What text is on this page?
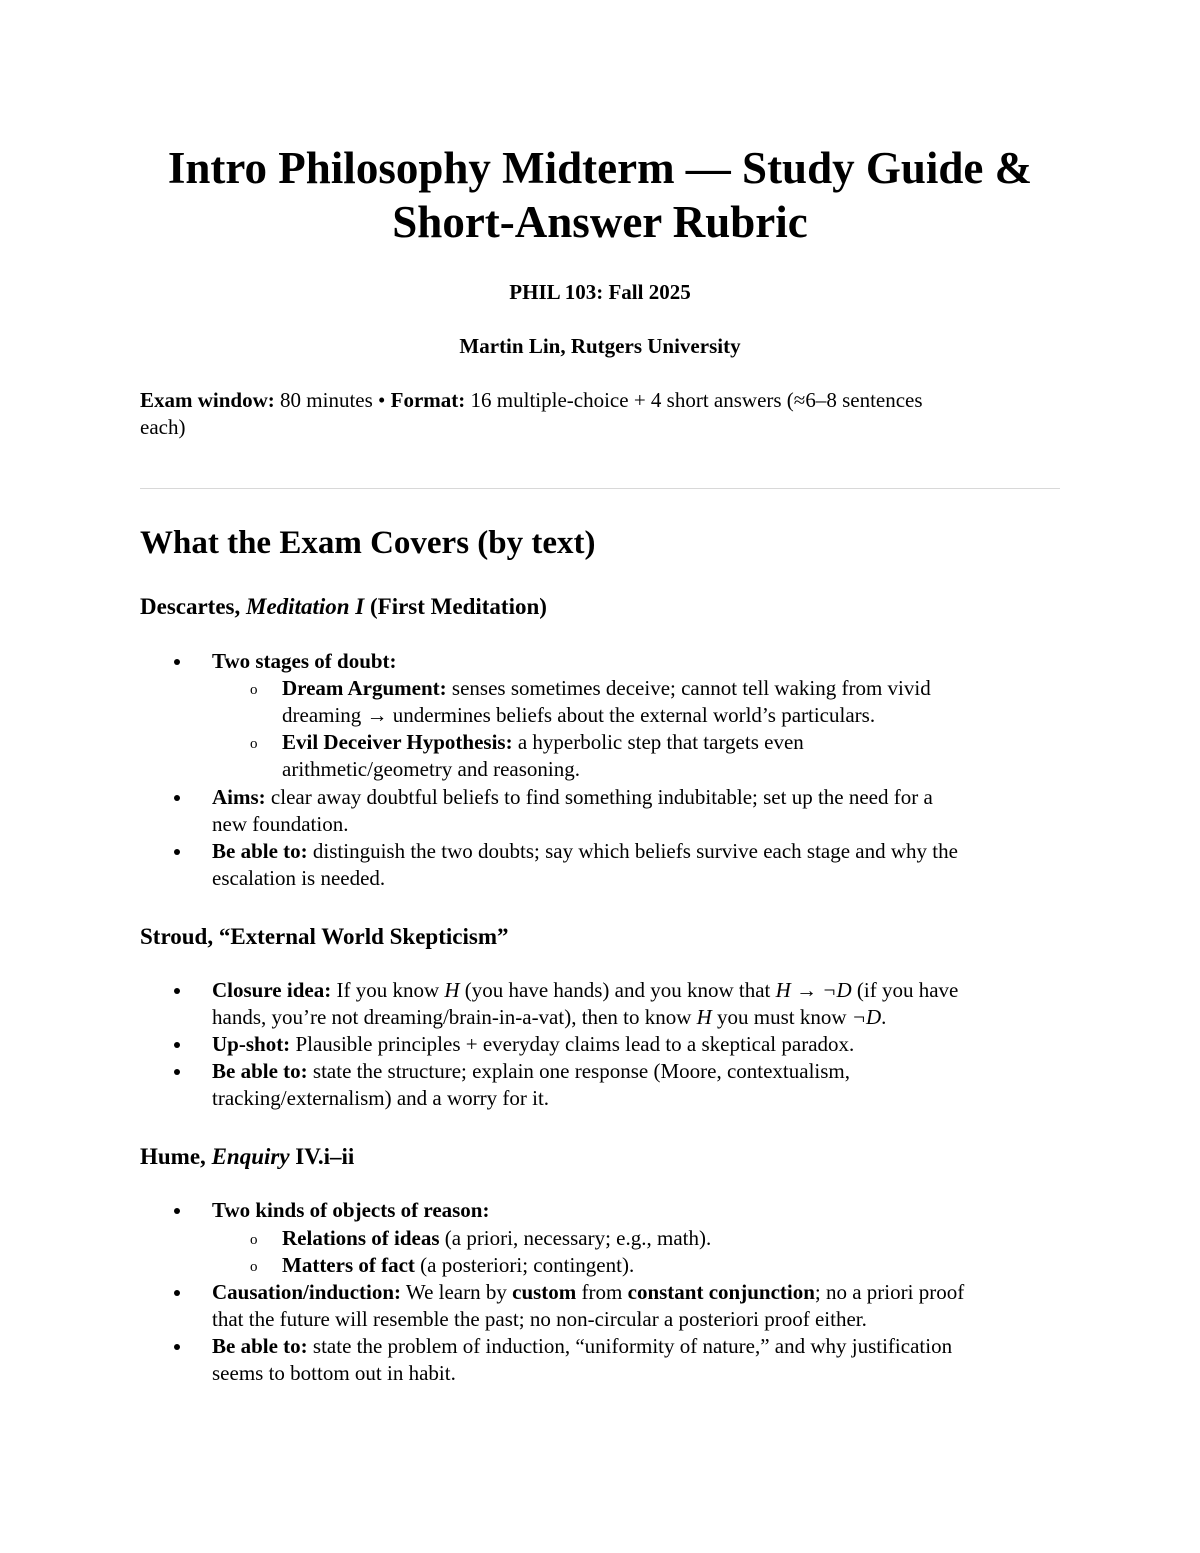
Intro Philosophy Midterm — Study Guide &
Short-Answer Rubric
PHIL 103: Fall 2025
Martin Lin, Rutgers University
Exam window: 80 minutes • Format: 16 multiple-choice + 4 short answers (≈6–8 sentences
each)
What the Exam Covers (by text)
Descartes, Meditation I (First Meditation)
Two stages of doubt:
o Dream Argument: senses sometimes deceive; cannot tell waking from vivid
dreaming → undermines beliefs about the external world’s particulars.
o Evil Deceiver Hypothesis: a hyperbolic step that targets even
arithmetic/geometry and reasoning.
Aims: clear away doubtful beliefs to find something indubitable; set up the need for a
new foundation.
Be able to: distinguish the two doubts; say which beliefs survive each stage and why the
escalation is needed.
Stroud, “External World Skepticism”
Closure idea: If you know H (you have hands) and you know that H → ¬D (if you have
hands, you’re not dreaming/brain-in-a-vat), then to know H you must know ¬D.
Up-shot: Plausible principles + everyday claims lead to a skeptical paradox.
Be able to: state the structure; explain one response (Moore, contextualism,
tracking/externalism) and a worry for it.
Hume, Enquiry IV.i–ii
Two kinds of objects of reason:
o Relations of ideas (a priori, necessary; e.g., math).
o Matters of fact (a posteriori; contingent).
Causation/induction: We learn by custom from constant conjunction; no a priori proof
that the future will resemble the past; no non-circular a posteriori proof either.
Be able to: state the problem of induction, “uniformity of nature,” and why justification
seems to bottom out in habit.
